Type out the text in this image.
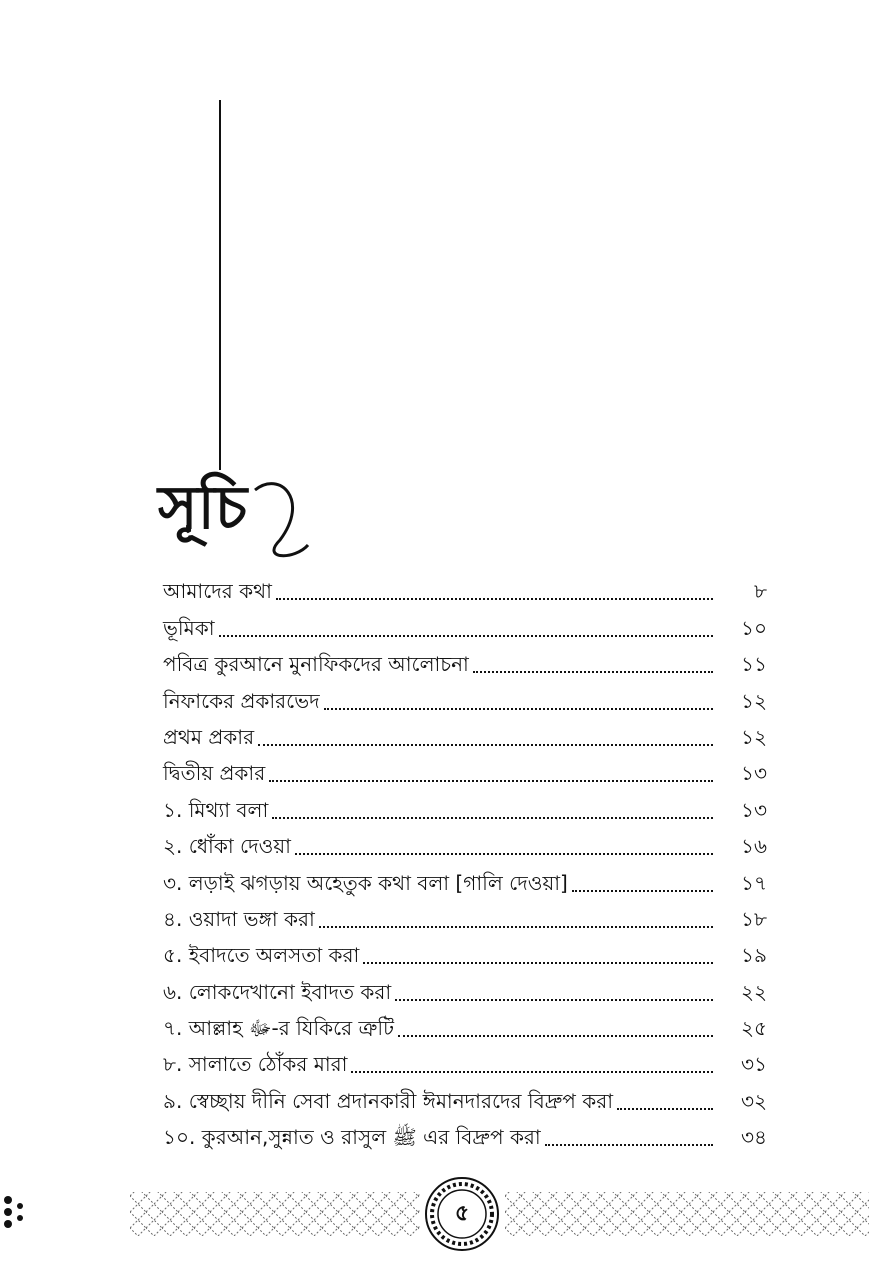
সূচি
আমাদের কথা	৮
ভূমিকা	১০
পবিত্র কুরআনে মুনাফিকদের আলোচনা	১১
নিফাকের প্রকারভেদ	১২
প্রথম প্রকার	১২
দ্বিতীয় প্রকার	১৩
১. মিথ্যা বলা	১৩
২. ধোঁকা দেওয়া	১৬
৩. লড়াই ঝগড়ায় অহেতুক কথা বলা [গালি দেওয়া]	১৭
৪. ওয়াদা ভঙ্গা করা	১৮
৫. ইবাদতে অলসতা করা	১৯
৬. লোকদেখানো ইবাদত করা	২২
৭. আল্লাহ ﷻ-র যিকিরে ত্রুটি	২৫
৮. সালাতে ঠোঁকর মারা	৩১
৯. স্বেচ্ছায় দীনি সেবা প্রদানকারী ঈমানদারদের বিদ্রুপ করা	৩২
১০. কুরআন,সুন্নাত ও রাসুল ﷺ এর বিদ্রুপ করা	৩৪
৫
